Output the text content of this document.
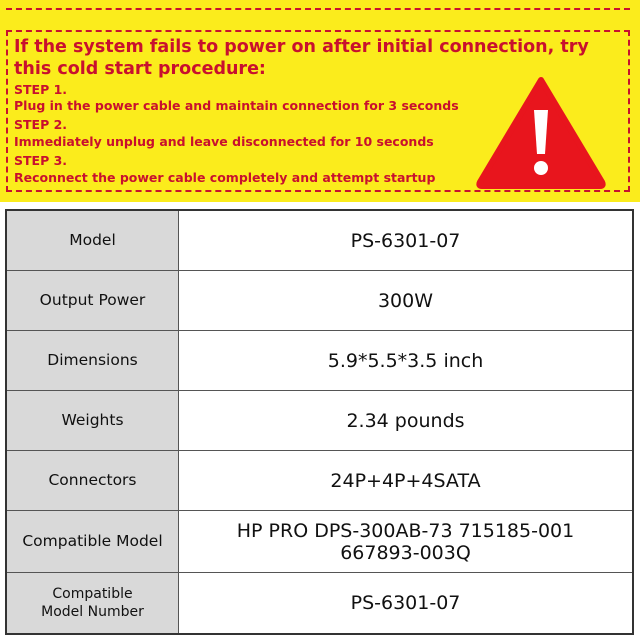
If the system fails to power on after initial connection, try this cold start procedure:
STEP 1.
Plug in the power cable and maintain connection for 3 seconds
STEP 2.
Immediately unplug and leave disconnected for 10 seconds
STEP 3.
Reconnect the power cable completely and attempt startup
Model	PS-6301-07
Output Power	300W
Dimensions	5.9*5.5*3.5 inch
Weights	2.34 pounds
Connectors	24P+4P+4SATA
Compatible Model	HP PRO DPS-300AB-73 715185-001
667893-003Q
Compatible
Model Number	PS-6301-07
